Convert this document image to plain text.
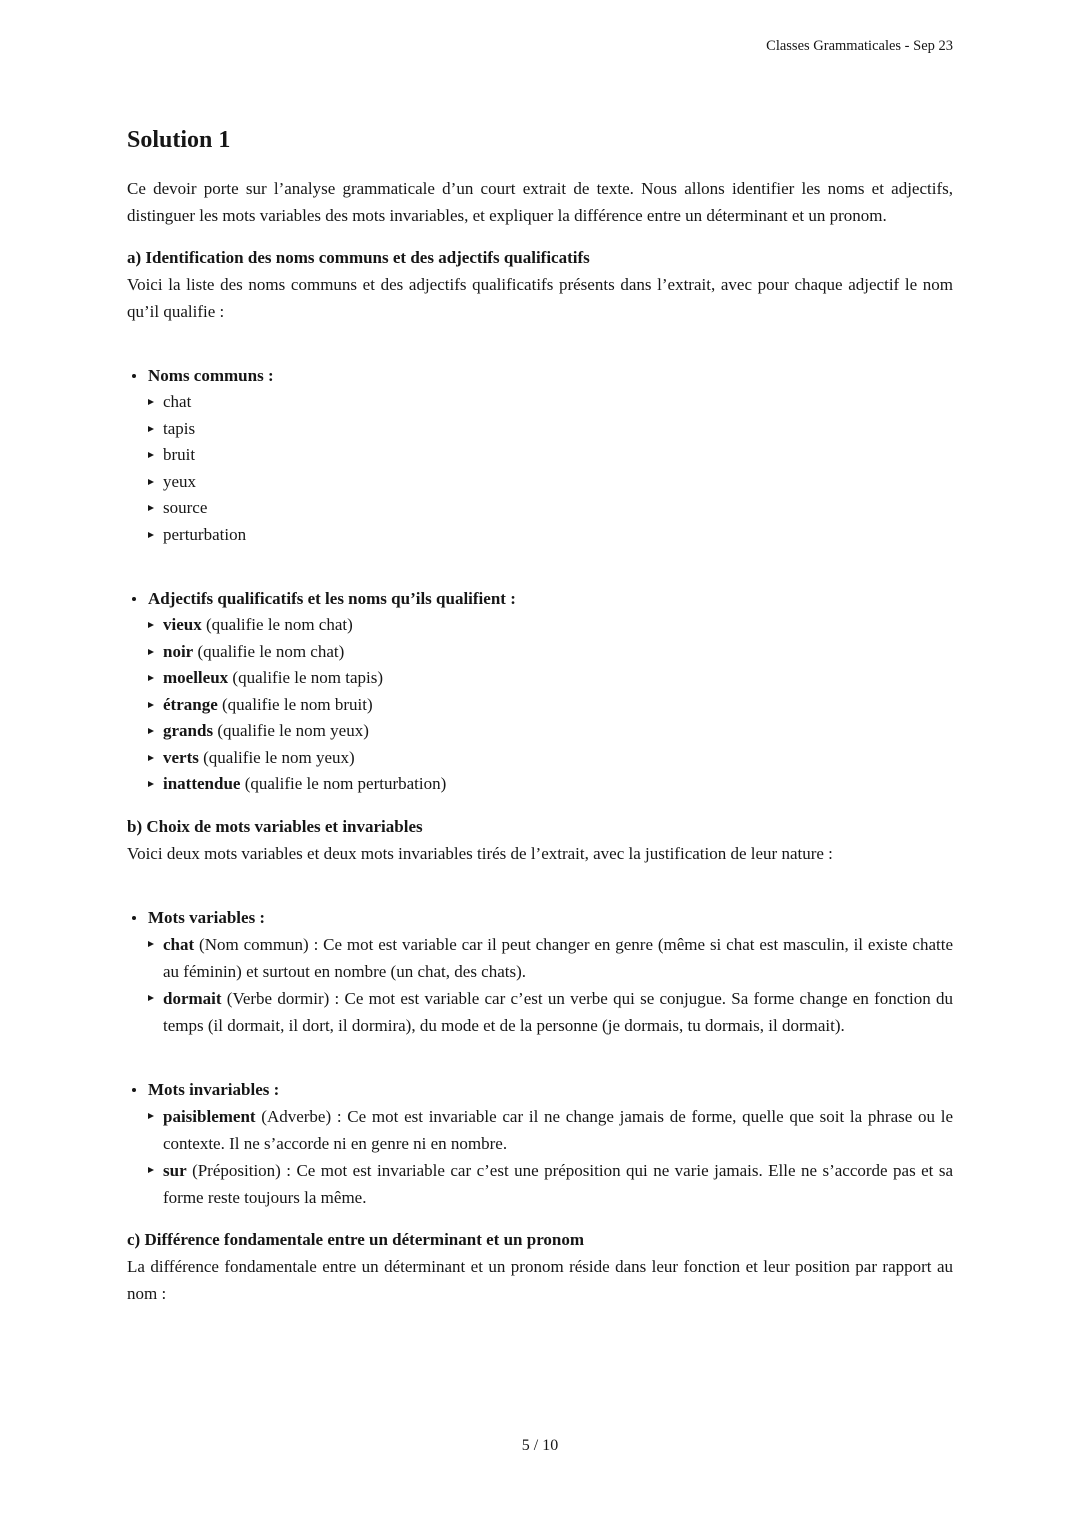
Classes Grammaticales - Sep 23
Solution 1

Ce devoir porte sur l’analyse grammaticale d’un court extrait de texte. Nous allons identifier les noms et adjectifs, distinguer les mots variables des mots invariables, et expliquer la différence entre un déterminant et un pronom.

a) Identification des noms communs et des adjectifs qualificatifs

Voici la liste des noms communs et des adjectifs qualificatifs présents dans l’extrait, avec pour chaque adjectif le nom qu’il qualifie :

Noms communs :
chat
tapis
bruit
yeux
source
perturbation
Adjectifs qualificatifs et les noms qu’ils qualifient :
vieux (qualifie le nom chat)
noir (qualifie le nom chat)
moelleux (qualifie le nom tapis)
étrange (qualifie le nom bruit)
grands (qualifie le nom yeux)
verts (qualifie le nom yeux)
inattendue (qualifie le nom perturbation)
b) Choix de mots variables et invariables

Voici deux mots variables et deux mots invariables tirés de l’extrait, avec la justification de leur nature :

Mots variables :
chat (Nom commun) : Ce mot est variable car il peut changer en genre (même si chat est masculin, il existe chatte au féminin) et surtout en nombre (un chat, des chats).
dormait (Verbe dormir) : Ce mot est variable car c’est un verbe qui se conjugue. Sa forme change en fonction du temps (il dormait, il dort, il dormira), du mode et de la personne (je dormais, tu dormais, il dormait).
Mots invariables :
paisiblement (Adverbe) : Ce mot est invariable car il ne change jamais de forme, quelle que soit la phrase ou le contexte. Il ne s’accorde ni en genre ni en nombre.
sur (Préposition) : Ce mot est invariable car c’est une préposition qui ne varie jamais. Elle ne s’accorde pas et sa forme reste toujours la même.
c) Différence fondamentale entre un déterminant et un pronom

La différence fondamentale entre un déterminant et un pronom réside dans leur fonction et leur position par rapport au nom :

5 / 10
